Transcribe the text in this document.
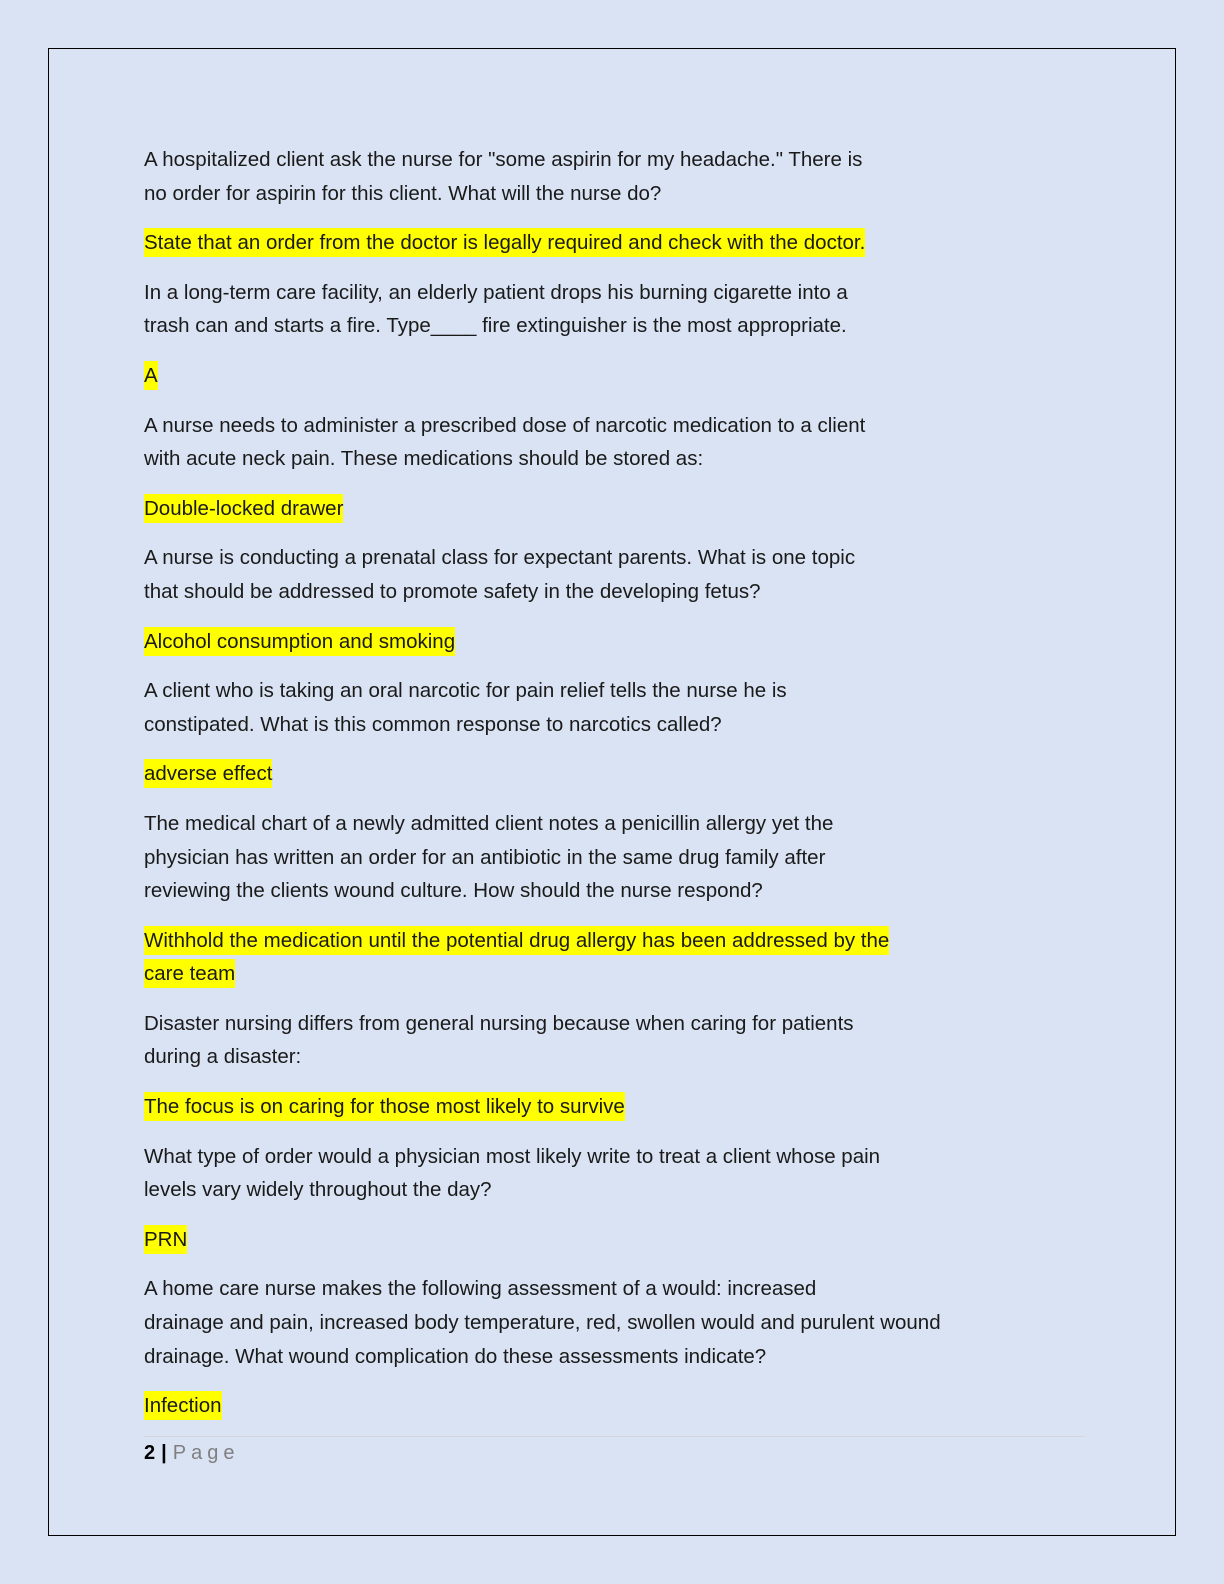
A hospitalized client ask the nurse for "some aspirin for my headache." There is
no order for aspirin for this client. What will the nurse do?

State that an order from the doctor is legally required and check with the doctor.

In a long-term care facility, an elderly patient drops his burning cigarette into a
trash can and starts a fire. Type____ fire extinguisher is the most appropriate.

A

A nurse needs to administer a prescribed dose of narcotic medication to a client
with acute neck pain. These medications should be stored as:

Double-locked drawer

A nurse is conducting a prenatal class for expectant parents. What is one topic
that should be addressed to promote safety in the developing fetus?

Alcohol consumption and smoking

A client who is taking an oral narcotic for pain relief tells the nurse he is
constipated. What is this common response to narcotics called?

adverse effect

The medical chart of a newly admitted client notes a penicillin allergy yet the
physician has written an order for an antibiotic in the same drug family after
reviewing the clients wound culture. How should the nurse respond?

Withhold the medication until the potential drug allergy has been addressed by the
care team

Disaster nursing differs from general nursing because when caring for patients
during a disaster:

The focus is on caring for those most likely to survive

What type of order would a physician most likely write to treat a client whose pain
levels vary widely throughout the day?

PRN

A home care nurse makes the following assessment of a would: increased
drainage and pain, increased body temperature, red, swollen would and purulent wound
drainage. What wound complication do these assessments indicate?

Infection

2 | Page
